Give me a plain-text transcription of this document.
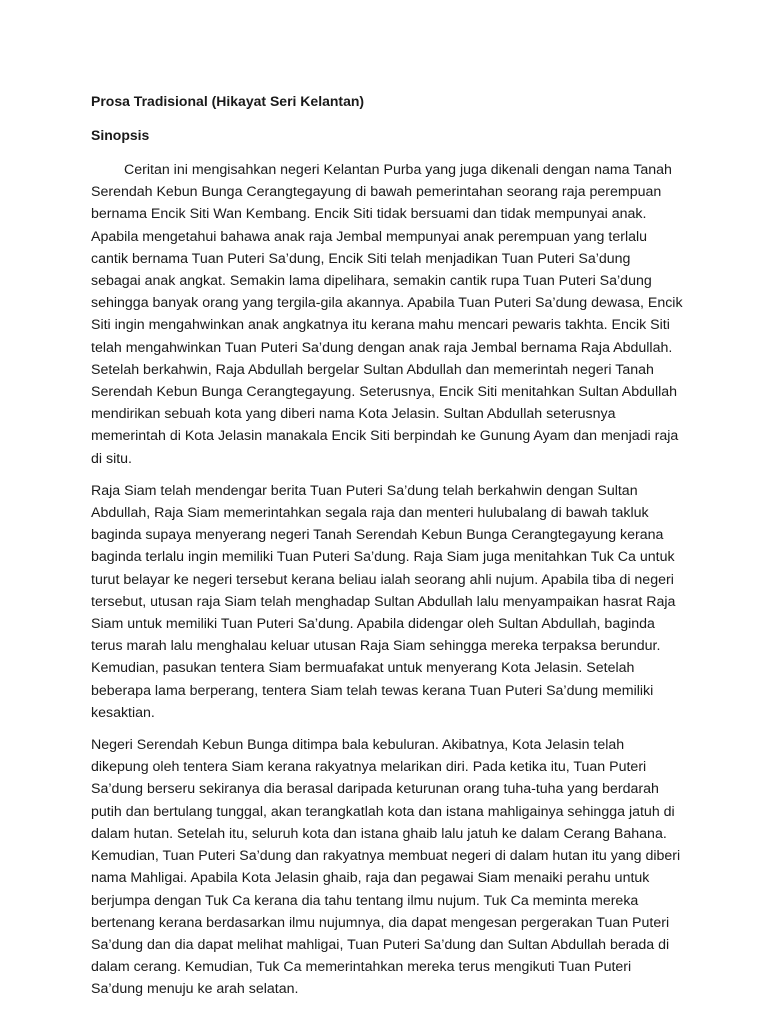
Prosa Tradisional (Hikayat Seri Kelantan)
Sinopsis

Ceritan ini mengisahkan negeri Kelantan Purba yang juga dikenali dengan nama Tanah Serendah Kebun Bunga Cerangtegayung di bawah pemerintahan seorang raja perempuan bernama Encik Siti Wan Kembang. Encik Siti tidak bersuami dan tidak mempunyai anak. Apabila mengetahui bahawa anak raja Jembal mempunyai anak perempuan yang terlalu cantik bernama Tuan Puteri Sa’dung, Encik Siti telah menjadikan Tuan Puteri Sa’dung sebagai anak angkat. Semakin lama dipelihara, semakin cantik rupa Tuan Puteri Sa’dung sehingga banyak orang yang tergila-gila akannya. Apabila Tuan Puteri Sa’dung dewasa, Encik Siti ingin mengahwinkan anak angkatnya itu kerana mahu mencari pewaris takhta. Encik Siti telah mengahwinkan Tuan Puteri Sa’dung dengan anak raja Jembal bernama Raja Abdullah. Setelah berkahwin, Raja Abdullah bergelar Sultan Abdullah dan memerintah negeri Tanah Serendah Kebun Bunga Cerangtegayung. Seterusnya, Encik Siti menitahkan Sultan Abdullah mendirikan sebuah kota yang diberi nama Kota Jelasin. Sultan Abdullah seterusnya memerintah di Kota Jelasin manakala Encik Siti berpindah ke Gunung Ayam dan menjadi raja di situ.

Raja Siam telah mendengar berita Tuan Puteri Sa’dung telah berkahwin dengan Sultan Abdullah, Raja Siam memerintahkan segala raja dan menteri hulubalang di bawah takluk baginda supaya menyerang negeri Tanah Serendah Kebun Bunga Cerangtegayung kerana baginda terlalu ingin memiliki Tuan Puteri Sa’dung. Raja Siam juga menitahkan Tuk Ca untuk turut belayar ke negeri tersebut kerana beliau ialah seorang ahli nujum. Apabila tiba di negeri tersebut, utusan raja Siam telah menghadap Sultan Abdullah lalu menyampaikan hasrat Raja Siam untuk memiliki Tuan Puteri Sa’dung. Apabila didengar oleh Sultan Abdullah, baginda terus marah lalu menghalau keluar utusan Raja Siam sehingga mereka terpaksa berundur. Kemudian, pasukan tentera Siam bermuafakat untuk menyerang Kota Jelasin. Setelah beberapa lama berperang, tentera Siam telah tewas kerana Tuan Puteri Sa’dung memiliki kesaktian.

Negeri Serendah Kebun Bunga ditimpa bala kebuluran. Akibatnya, Kota Jelasin telah dikepung oleh tentera Siam kerana rakyatnya melarikan diri. Pada ketika itu, Tuan Puteri Sa’dung berseru sekiranya dia berasal daripada keturunan orang tuha-tuha yang berdarah putih dan bertulang tunggal, akan terangkatlah kota dan istana mahligainya sehingga jatuh di dalam hutan. Setelah itu, seluruh kota dan istana ghaib lalu jatuh ke dalam Cerang Bahana. Kemudian, Tuan Puteri Sa’dung dan rakyatnya membuat negeri di dalam hutan itu yang diberi nama Mahligai. Apabila Kota Jelasin ghaib, raja dan pegawai Siam menaiki perahu untuk berjumpa dengan Tuk Ca kerana dia tahu tentang ilmu nujum. Tuk Ca meminta mereka bertenang kerana berdasarkan ilmu nujumnya, dia dapat mengesan pergerakan Tuan Puteri Sa’dung dan dia dapat melihat mahligai, Tuan Puteri Sa’dung dan Sultan Abdullah berada di dalam cerang. Kemudian, Tuk Ca memerintahkan mereka terus mengikuti Tuan Puteri Sa’dung menuju ke arah selatan.
